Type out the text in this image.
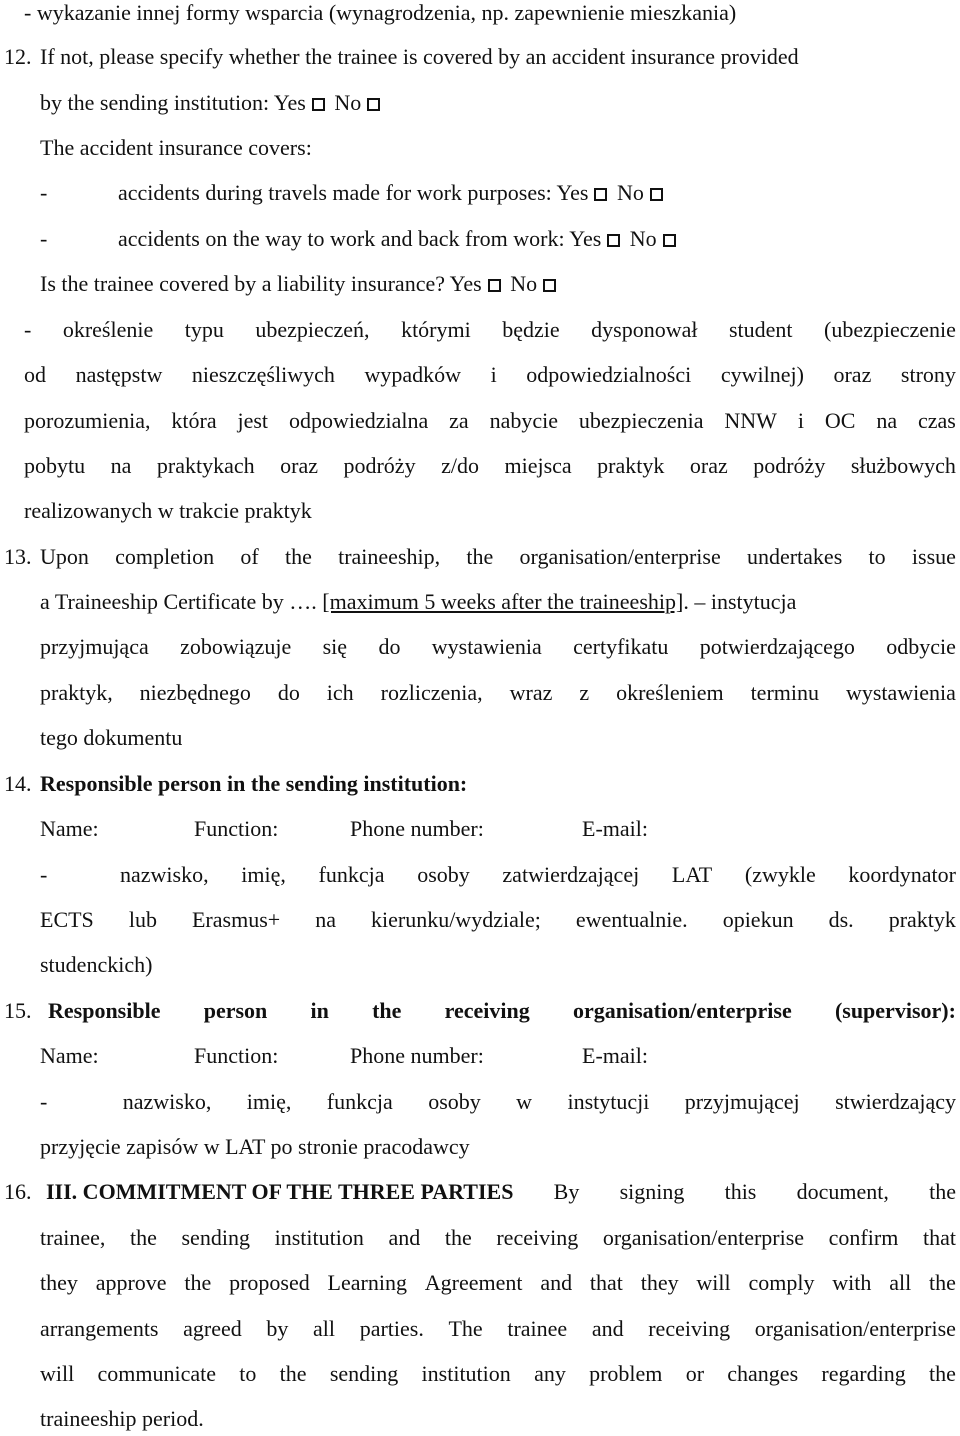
- wykazanie innej formy wsparcia (wynagrodzenia, np. zapewnienie mieszkania)
12. If not, please specify whether the trainee is covered by an accident insurance provided
by the sending institution: Yes No
The accident insurance covers:
-	accidents during travels made for work purposes: Yes No
-	accidents on the way to work and back from work: Yes No
Is the trainee covered by a liability insurance? Yes No
- określenie typu ubezpieczeń, którymi będzie dysponował student (ubezpieczenie
od następstw nieszczęśliwych wypadków i odpowiedzialności cywilnej) oraz strony
porozumienia, która jest odpowiedzialna za nabycie ubezpieczenia NNW i OC na czas
pobytu na praktykach oraz podróży z/do miejsca praktyk oraz podróży służbowych
realizowanych w trakcie praktyk
13. Upon completion of the traineeship, the organisation/enterprise undertakes to issue
a Traineeship Certificate by …. [maximum 5 weeks after the traineeship]. – instytucja
przyjmująca zobowiązuje się do wystawienia certyfikatu potwierdzającego odbycie
praktyk, niezbędnego do ich rozliczenia, wraz z określeniem terminu wystawienia
tego dokumentu
14. Responsible person in the sending institution:
Name:	Function:	Phone number:	E-mail:
-	nazwisko, imię, funkcja osoby zatwierdzającej LAT (zwykle koordynator
ECTS lub Erasmus+ na kierunku/wydziale; ewentualnie. opiekun ds. praktyk
studenckich)
15. Responsible person in the receiving organisation/enterprise (supervisor):
Name:	Function:	Phone number:	E-mail:
-	nazwisko, imię, funkcja osoby w instytucji przyjmującej stwierdzający
przyjęcie zapisów w LAT po stronie pracodawcy
16. III. COMMITMENT OF THE THREE PARTIES By signing this document, the
trainee, the sending institution and the receiving organisation/enterprise confirm that
they approve the proposed Learning Agreement and that they will comply with all the
arrangements agreed by all parties. The trainee and receiving organisation/enterprise
will communicate to the sending institution any problem or changes regarding the
traineeship period.
